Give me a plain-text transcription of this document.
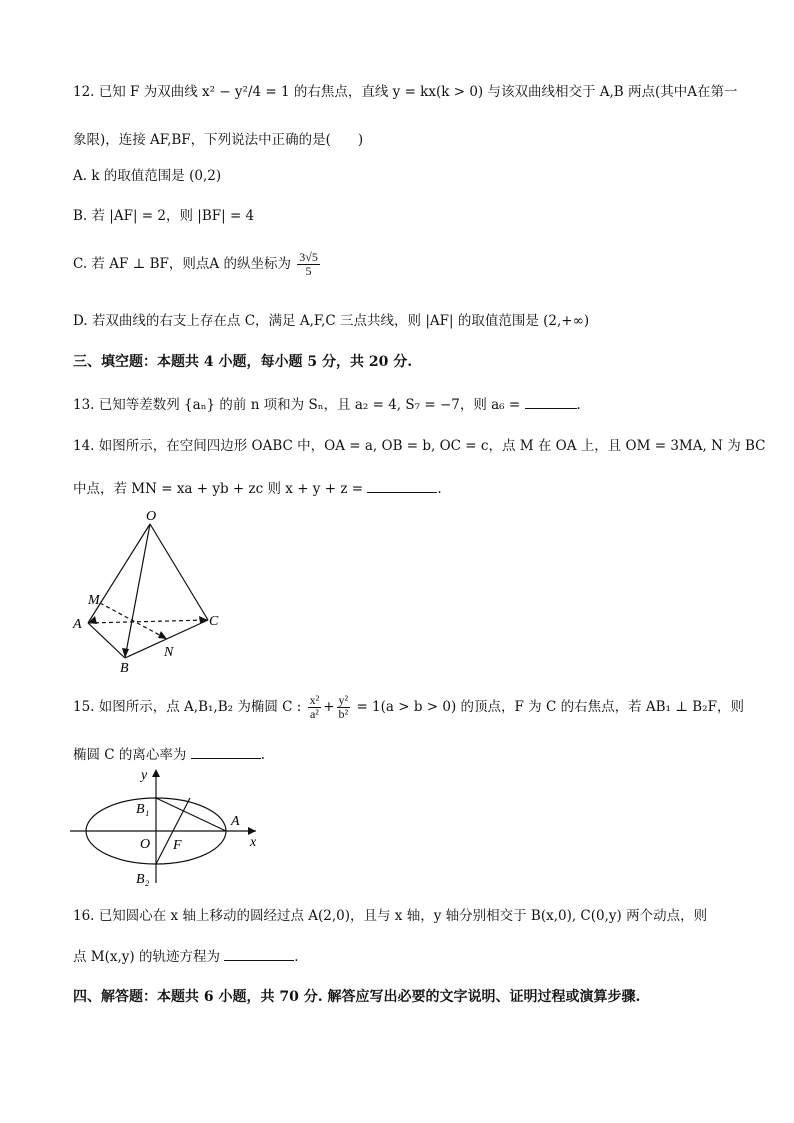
12. 已知 F 为双曲线 x² − y²/4 = 1 的右焦点，直线 y = kx(k > 0) 与该双曲线相交于 A,B 两点(其中A在第一
象限)，连接 AF,BF，下列说法中正确的是(　　)
A. k 的取值范围是 (0,2)
B. 若 |AF| = 2，则 |BF| = 4
C. 若 AF ⊥ BF，则点A 的纵坐标为 $\frac{3√5}{5}$
D. 若双曲线的右支上存在点 C，满足 A,F,C 三点共线，则 |AF| 的取值范围是 (2,+∞)
三、填空题：本题共 4 小题，每小题 5 分，共 20 分.
13. 已知等差数列 {aₙ} 的前 n 项和为 Sₙ，且 a₂ = 4, S₇ = −7，则 a₆ =	.
14. 如图所示，在空间四边形 OABC 中，OA = a, OB = b, OC = c，点 M 在 OA 上，且 OM = 3MA, N 为 BC
中点，若 MN = xa + yb + zc 则 x + y + z =	.
O
M
A
B
C
N
15. 如图所示，点 A,B₁,B₂ 为椭圆 C : $\frac{\text{x²}}{\text{a²}} + \frac{\text{y²}}{\text{b²}} = 1(a > b > 0)$ 的顶点，F 为 C 的右焦点，若 AB₁ ⊥ B₂F，则
椭圆 C 的离心率为	.
y
x
B₁
B₂
O F
A
16. 已知圆心在 x 轴上移动的圆经过点 A(2,0)，且与 x 轴，y 轴分别相交于 B(x,0), C(0,y) 两个动点，则
点 M(x,y) 的轨迹方程为	.
四、解答题：本题共 6 小题，共 70 分. 解答应写出必要的文字说明、证明过程或演算步骤.
